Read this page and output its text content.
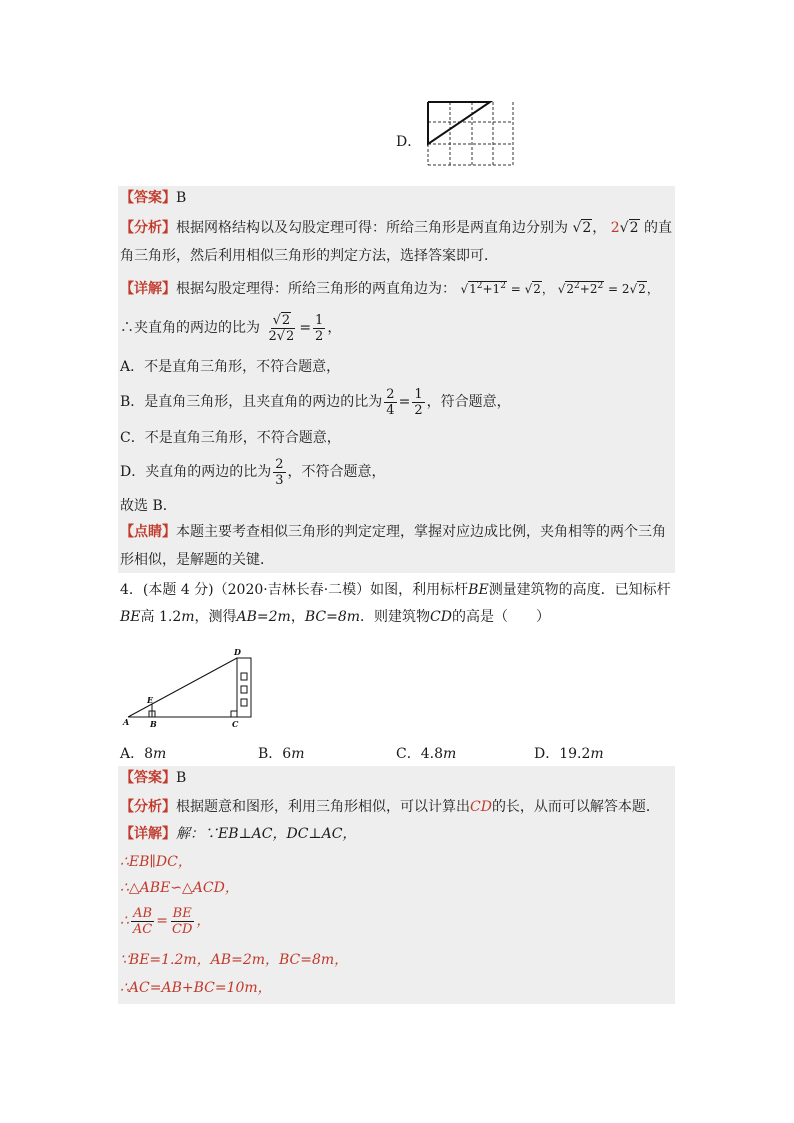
D．
【答案】B
【分析】根据网格结构以及勾股定理可得：所给三角形是两直角边分别为 √2， 2√2 的直
角三角形，然后利用相似三角形的判定方法，选择答案即可．
【详解】根据勾股定理得：所给三角形的两直角边为： $√1^2+1^2 = √2$， $√2^2+2^2 = 2√2$，
∴夹直角的两边的比为 $\frac{√2}{2√2} = \frac{1}{2}$ ，
A．不是直角三角形，不符合题意，
B．是直角三角形，且夹直角的两边的比为 $\frac{2}{4} = \frac{1}{2}$ ，符合题意，
C．不是直角三角形，不符合题意，
D．夹直角的两边的比为 $\frac{2}{3}$ ，不符合题意，
故选 B．
【点睛】本题主要考查相似三角形的判定定理，掌握对应边成比例，夹角相等的两个三角
形相似，是解题的关键．
4．(本题 4 分)（2020·吉林长春·二模）如图，利用标杆BE测量建筑物的高度．已知标杆
BE高 1.2m，测得AB=2m，BC=8m．则建筑物CD的高是（　　）
D
E
A	B	C
A．8m	B．6m	C．4.8m	D．19.2m
【答案】B
【分析】根据题意和图形，利用三角形相似，可以计算出CD的长，从而可以解答本题．
【详解】解：∵EB⊥AC，DC⊥AC，
∴EB∥DC，
∴△ABE∽△ACD，
∴ $\frac{AB}{AC} = \frac{BE}{CD}$ ，
∵BE=1.2m，AB=2m，BC=8m，
∴AC=AB+BC=10m，
